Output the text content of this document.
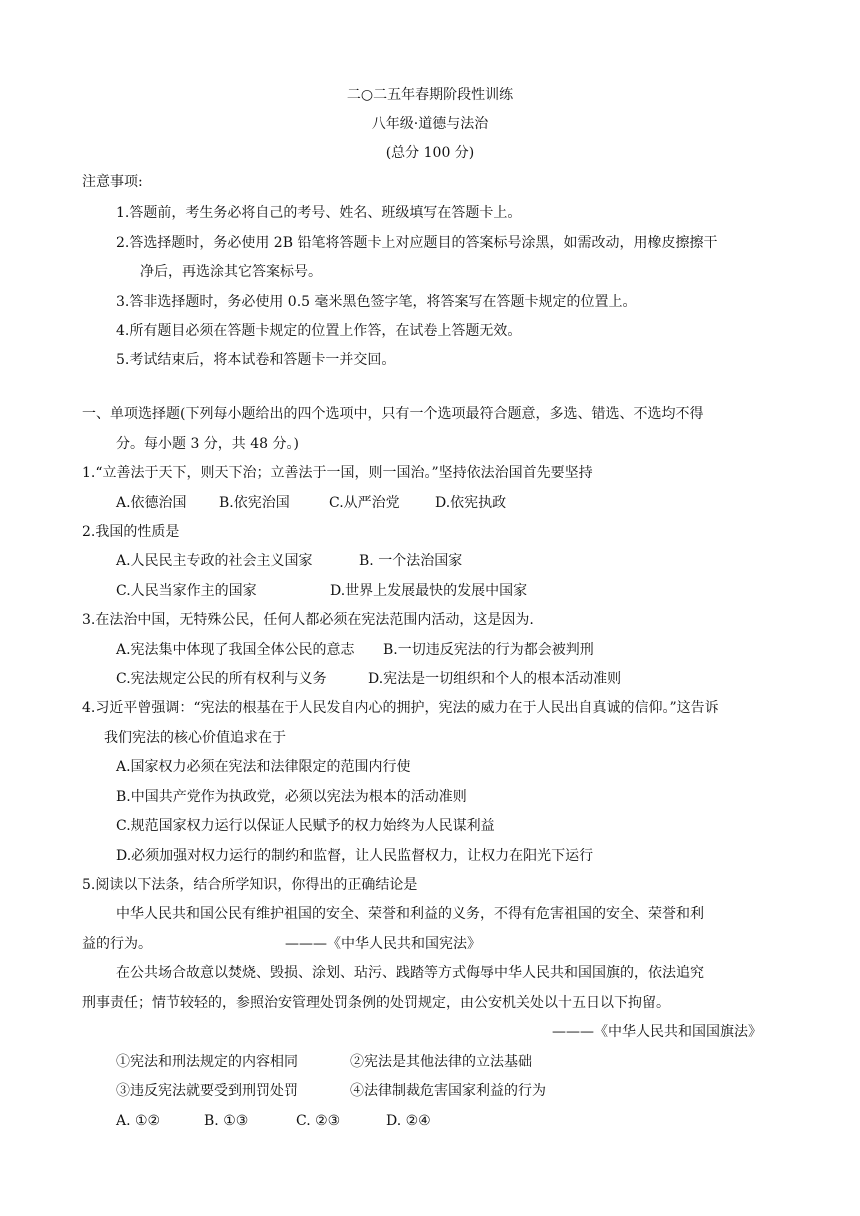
二○二五年春期阶段性训练
八年级·道德与法治
(总分 100 分)
注意事项:
1.答题前，考生务必将自己的考号、姓名、班级填写在答题卡上。
2.答选择题时，务必使用 2B 铅笔将答题卡上对应题目的答案标号涂黑，如需改动，用橡皮擦擦干
净后，再选涂其它答案标号。
3.答非选择题时，务必使用 0.5 毫米黑色签字笔，将答案写在答题卡规定的位置上。
4.所有题目必须在答题卡规定的位置上作答，在试卷上答题无效。
5.考试结束后，将本试卷和答题卡一并交回。
一、单项选择题(下列每小题给出的四个选项中，只有一个选项最符合题意，多选、错选、不选均不得
分。每小题 3 分，共 48 分。)
1.“立善法于天下，则天下治；立善法于一国，则一国治。”坚持依法治国首先要坚持
A.依德治国 B.依宪治国	C.从严治党	D.依宪执政
2.我国的性质是
A.人民民主专政的社会主义国家	B. 一个法治国家
C.人民当家作主的国家	D.世界上发展最快的发展中国家
3.在法治中国，无特殊公民，任何人都必须在宪法范围内活动，这是因为.
A.宪法集中体现了我国全体公民的意志 B.一切违反宪法的行为都会被判刑
C.宪法规定公民的所有权利与义务	D.宪法是一切组织和个人的根本活动准则
4.习近平曾强调：“宪法的根基在于人民发自内心的拥护，宪法的威力在于人民出自真诚的信仰。”这告诉
我们宪法的核心价值追求在于
A.国家权力必须在宪法和法律限定的范围内行使
B.中国共产党作为执政党，必须以宪法为根本的活动准则
C.规范国家权力运行以保证人民赋予的权力始终为人民谋利益
D.必须加强对权力运行的制约和监督，让人民监督权力，让权力在阳光下运行
5.阅读以下法条，结合所学知识，你得出的正确结论是
中华人民共和国公民有维护祖国的安全、荣誉和利益的义务，不得有危害祖国的安全、荣誉和利
益的行为。	———《中华人民共和国宪法》
在公共场合故意以焚烧、毁损、涂划、玷污、践踏等方式侮辱中华人民共和国国旗的，依法追究
刑事责任；情节较轻的，参照治安管理处罚条例的处罚规定，由公安机关处以十五日以下拘留。
———《中华人民共和国国旗法》
①宪法和刑法规定的内容相同	②宪法是其他法律的立法基础
③违反宪法就要受到刑罚处罚	④法律制裁危害国家利益的行为
A. ①②	B. ①③	C. ②③	D. ②④
